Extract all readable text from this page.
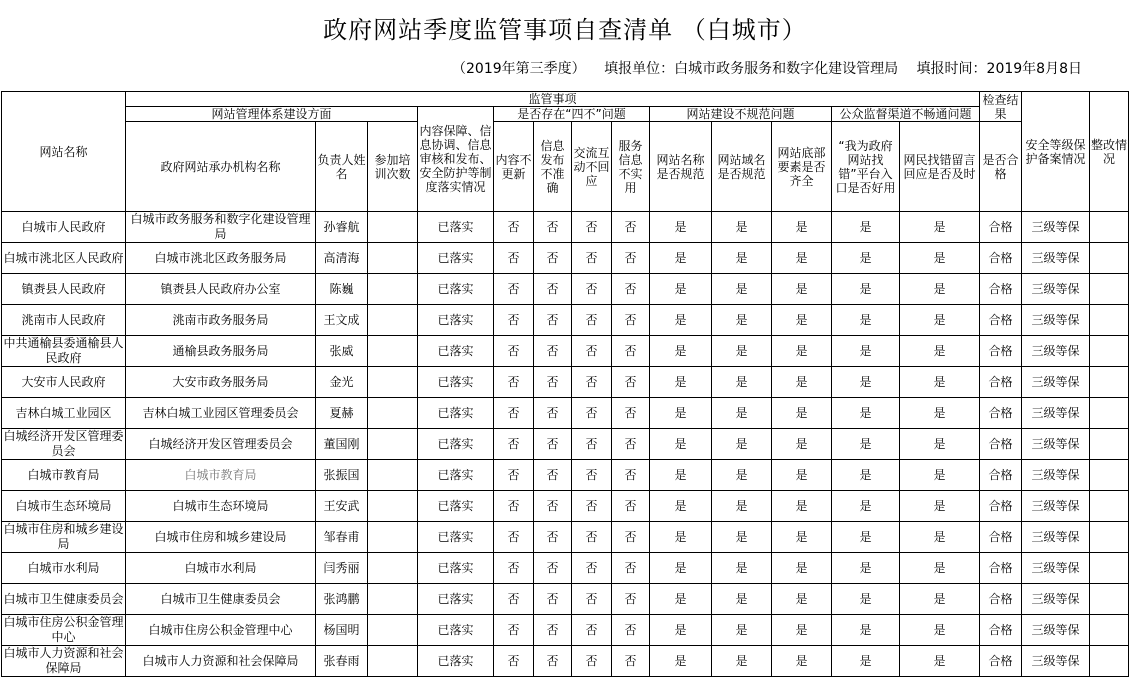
政府网站季度监管事项自查清单 （白城市）
（2019年第三季度） 填报单位：白城市政务服务和数字化建设管理局 填报时间：2019年8月8日
网站名称	监管事项													检查结果	安全等级保护备案情况	整改情况
	网站管理体系建设方面			内容保障、信息协调、信息审核和发布、安全防护等制度落实情况	是否存在“四不”问题				网站建设不规范问题			公众监督渠道不畅通问题				
	政府网站承办机构名称	负责人姓名	参加培训次数		内容不更新	信息发布不准确	交流互动不回应	服务信息不实用	网站名称是否规范	网站域名是否规范	网站底部要素是否齐全	“我为政府网站找错”平台入口是否好用	网民找错留言回应是否及时	是否合格		
白城市人民政府	白城市政务服务和数字化建设管理局	孙睿航		已落实	否	否	否	否	是	是	是	是	是	合格	三级等保	
白城市洮北区人民政府	白城市洮北区政务服务局	高清海		已落实	否	否	否	否	是	是	是	是	是	合格	三级等保	
镇赉县人民政府	镇赉县人民政府办公室	陈巍		已落实	否	否	否	否	是	是	是	是	是	合格	三级等保	
洮南市人民政府	洮南市政务服务局	王文成		已落实	否	否	否	否	是	是	是	是	是	合格	三级等保	
中共通榆县委通榆县人民政府	通榆县政务服务局	张威		已落实	否	否	否	否	是	是	是	是	是	合格	三级等保	
大安市人民政府	大安市政务服务局	金光		已落实	否	否	否	否	是	是	是	是	是	合格	三级等保	
吉林白城工业园区	吉林白城工业园区管理委员会	夏赫		已落实	否	否	否	否	是	是	是	是	是	合格	三级等保	
白城经济开发区管理委员会	白城经济开发区管理委员会	董国刚		已落实	否	否	否	否	是	是	是	是	是	合格	三级等保	
白城市教育局	白城市教育局	张振国		已落实	否	否	否	否	是	是	是	是	是	合格	三级等保	
白城市生态环境局	白城市生态环境局	王安武		已落实	否	否	否	否	是	是	是	是	是	合格	三级等保	
白城市住房和城乡建设局	白城市住房和城乡建设局	邹春甫		已落实	否	否	否	否	是	是	是	是	是	合格	三级等保	
白城市水利局	白城市水利局	闫秀丽		已落实	否	否	否	否	是	是	是	是	是	合格	三级等保	
白城市卫生健康委员会	白城市卫生健康委员会	张鸿鹏		已落实	否	否	否	否	是	是	是	是	是	合格	三级等保	
白城市住房公积金管理中心	白城市住房公积金管理中心	杨国明		已落实	否	否	否	否	是	是	是	是	是	合格	三级等保	
白城市人力资源和社会保障局	白城市人力资源和社会保障局	张春雨		已落实	否	否	否	否	是	是	是	是	是	合格	三级等保	
